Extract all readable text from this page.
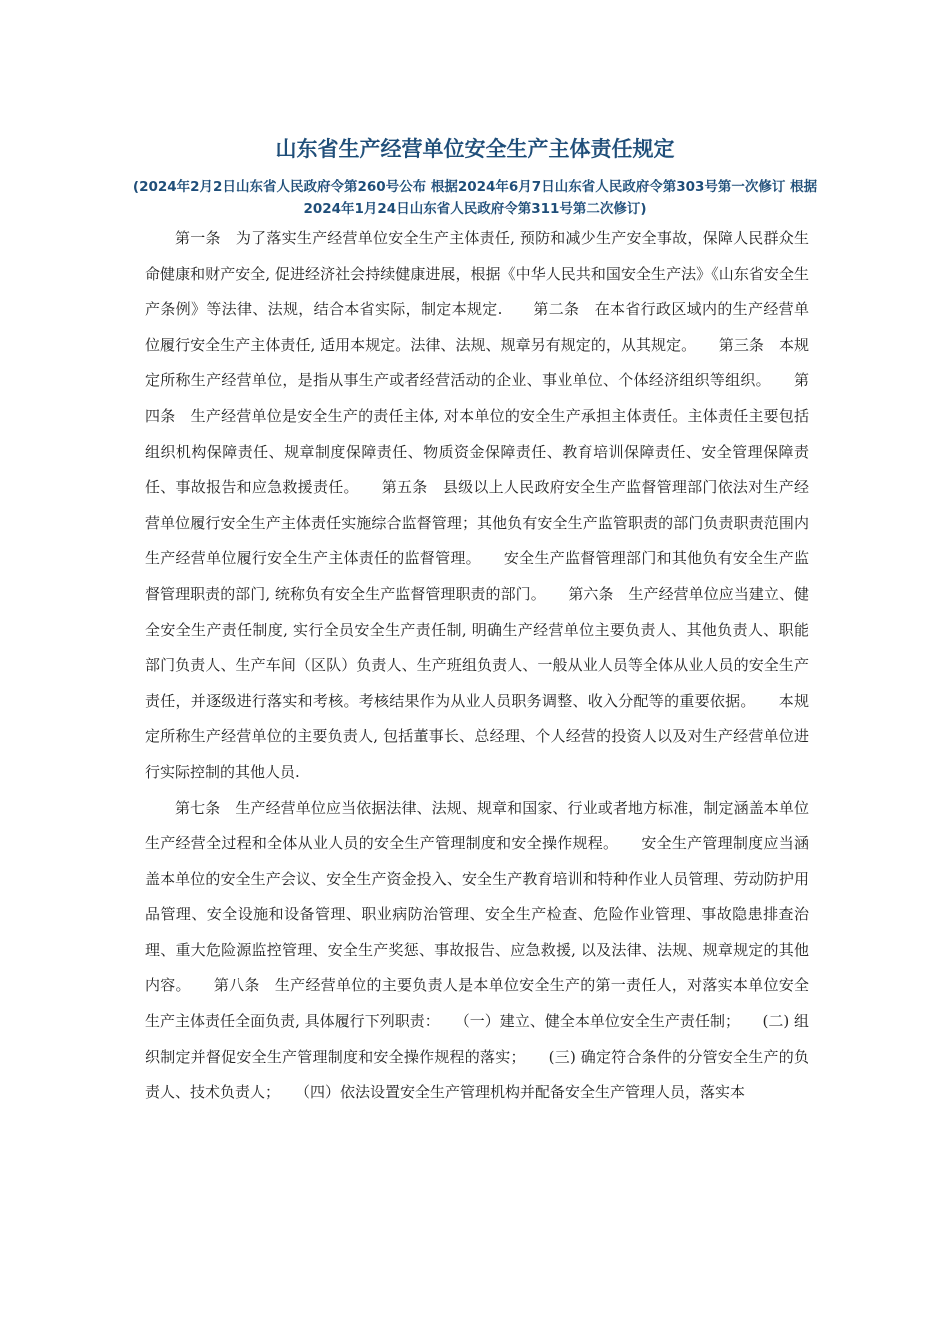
山东省生产经营单位安全生产主体责任规定

(2024年2月2日山东省人民政府令第260号公布 根据2024年6月7日山东省人民政府令第303号第一次修订 根据2024年1月24日山东省人民政府令第311号第二次修订)

第一条　为了落实生产经营单位安全生产主体责任, 预防和减少生产安全事故，保障人民群众生命健康和财产安全, 促进经济社会持续健康进展，根据《中华人民共和国安全生产法》《山东省安全生产条例》等法律、法规，结合本省实际，制定本规定.　　第二条　在本省行政区域内的生产经营单位履行安全生产主体责任, 适用本规定。法律、法规、规章另有规定的，从其规定。　　第三条　本规定所称生产经营单位，是指从事生产或者经营活动的企业、事业单位、个体经济组织等组织。　　第四条　生产经营单位是安全生产的责任主体, 对本单位的安全生产承担主体责任。主体责任主要包括组织机构保障责任、规章制度保障责任、物质资金保障责任、教育培训保障责任、安全管理保障责任、事故报告和应急救援责任。　　第五条　县级以上人民政府安全生产监督管理部门依法对生产经营单位履行安全生产主体责任实施综合监督管理；其他负有安全生产监管职责的部门负责职责范围内生产经营单位履行安全生产主体责任的监督管理。　　安全生产监督管理部门和其他负有安全生产监督管理职责的部门, 统称负有安全生产监督管理职责的部门。　　第六条　生产经营单位应当建立、健全安全生产责任制度, 实行全员安全生产责任制, 明确生产经营单位主要负责人、其他负责人、职能部门负责人、生产车间（区队）负责人、生产班组负责人、一般从业人员等全体从业人员的安全生产责任，并逐级进行落实和考核。考核结果作为从业人员职务调整、收入分配等的重要依据。　　本规定所称生产经营单位的主要负责人, 包括董事长、总经理、个人经营的投资人以及对生产经营单位进行实际控制的其他人员.

第七条　生产经营单位应当依据法律、法规、规章和国家、行业或者地方标准，制定涵盖本单位生产经营全过程和全体从业人员的安全生产管理制度和安全操作规程。　　安全生产管理制度应当涵盖本单位的安全生产会议、安全生产资金投入、安全生产教育培训和特种作业人员管理、劳动防护用品管理、安全设施和设备管理、职业病防治管理、安全生产检查、危险作业管理、事故隐患排查治理、重大危险源监控管理、安全生产奖惩、事故报告、应急救援, 以及法律、法规、规章规定的其他内容。　　第八条　生产经营单位的主要负责人是本单位安全生产的第一责任人，对落实本单位安全生产主体责任全面负责, 具体履行下列职责：　　（一）建立、健全本单位安全生产责任制；　　(二) 组织制定并督促安全生产管理制度和安全操作规程的落实；　　(三) 确定符合条件的分管安全生产的负责人、技术负责人；　　（四）依法设置安全生产管理机构并配备安全生产管理人员，落实本
